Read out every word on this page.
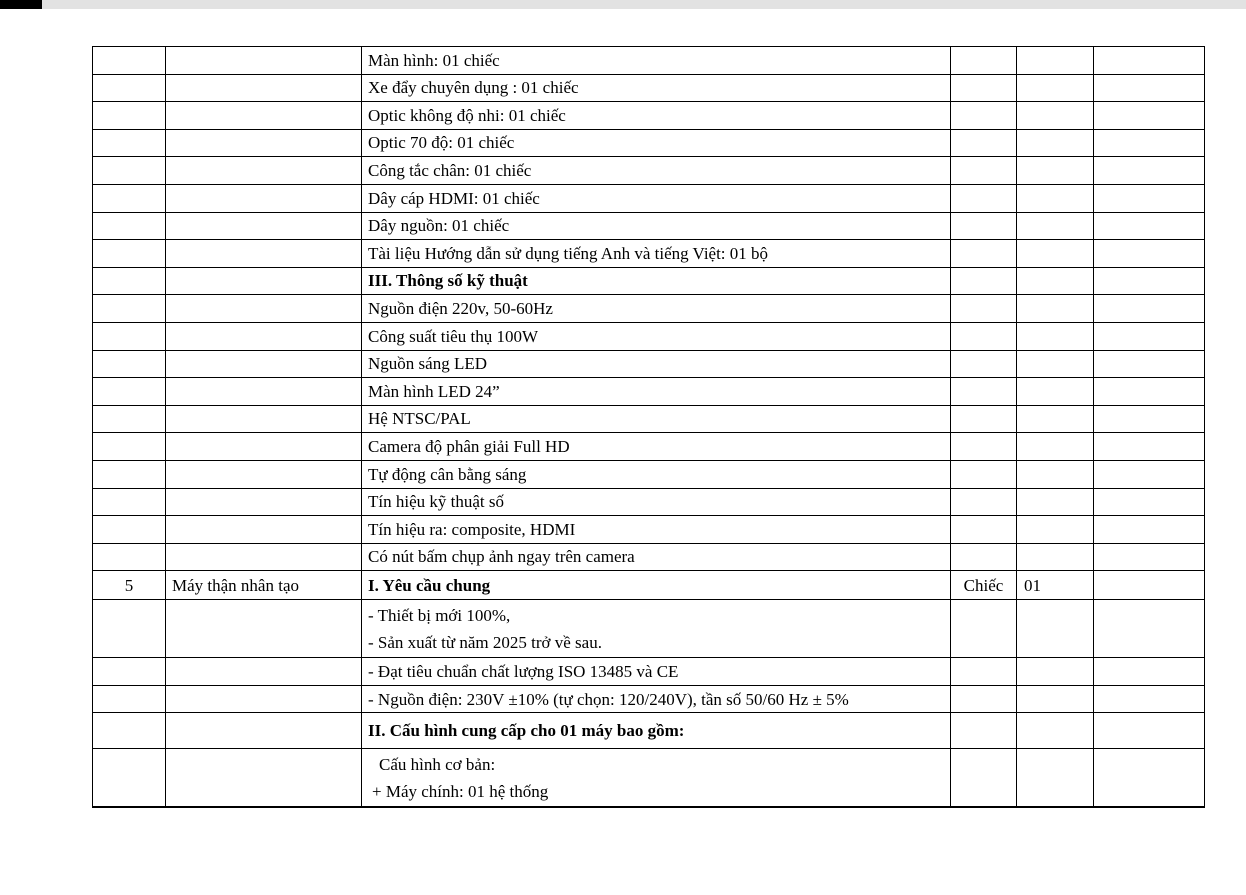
		Màn hình: 01 chiếc			
		Xe đẩy chuyên dụng : 01 chiếc			
		Optic không độ nhi: 01 chiếc			
		Optic 70 độ: 01 chiếc			
		Công tắc chân: 01 chiếc			
		Dây cáp HDMI: 01 chiếc			
		Dây nguồn: 01 chiếc			
		Tài liệu Hướng dẫn sử dụng tiếng Anh và tiếng Việt: 01 bộ			
		III. Thông số kỹ thuật			
		Nguồn điện 220v, 50-60Hz			
		Công suất tiêu thụ 100W			
		Nguồn sáng LED			
		Màn hình LED 24”			
		Hệ NTSC/PAL			
		Camera độ phân giải Full HD			
		Tự động cân bằng sáng			
		Tín hiệu kỹ thuật số			
		Tín hiệu ra: composite, HDMI			
		Có nút bấm chụp ảnh ngay trên camera			
5	Máy thận nhân tạo	I. Yêu cầu chung	Chiếc	01	

		- Thiết bị mới 100%,
- Sản xuất từ năm 2025 trở về sau.			

		- Đạt tiêu chuẩn chất lượng ISO 13485 và CE			
		- Nguồn điện: 230V ±10% (tự chọn: 120/240V), tần số 50/60 Hz ± 5%			
		II. Cấu hình cung cấp cho 01 máy bao gồm:			

		Cấu hình cơ bản:
+ Máy chính: 01 hệ thống			
